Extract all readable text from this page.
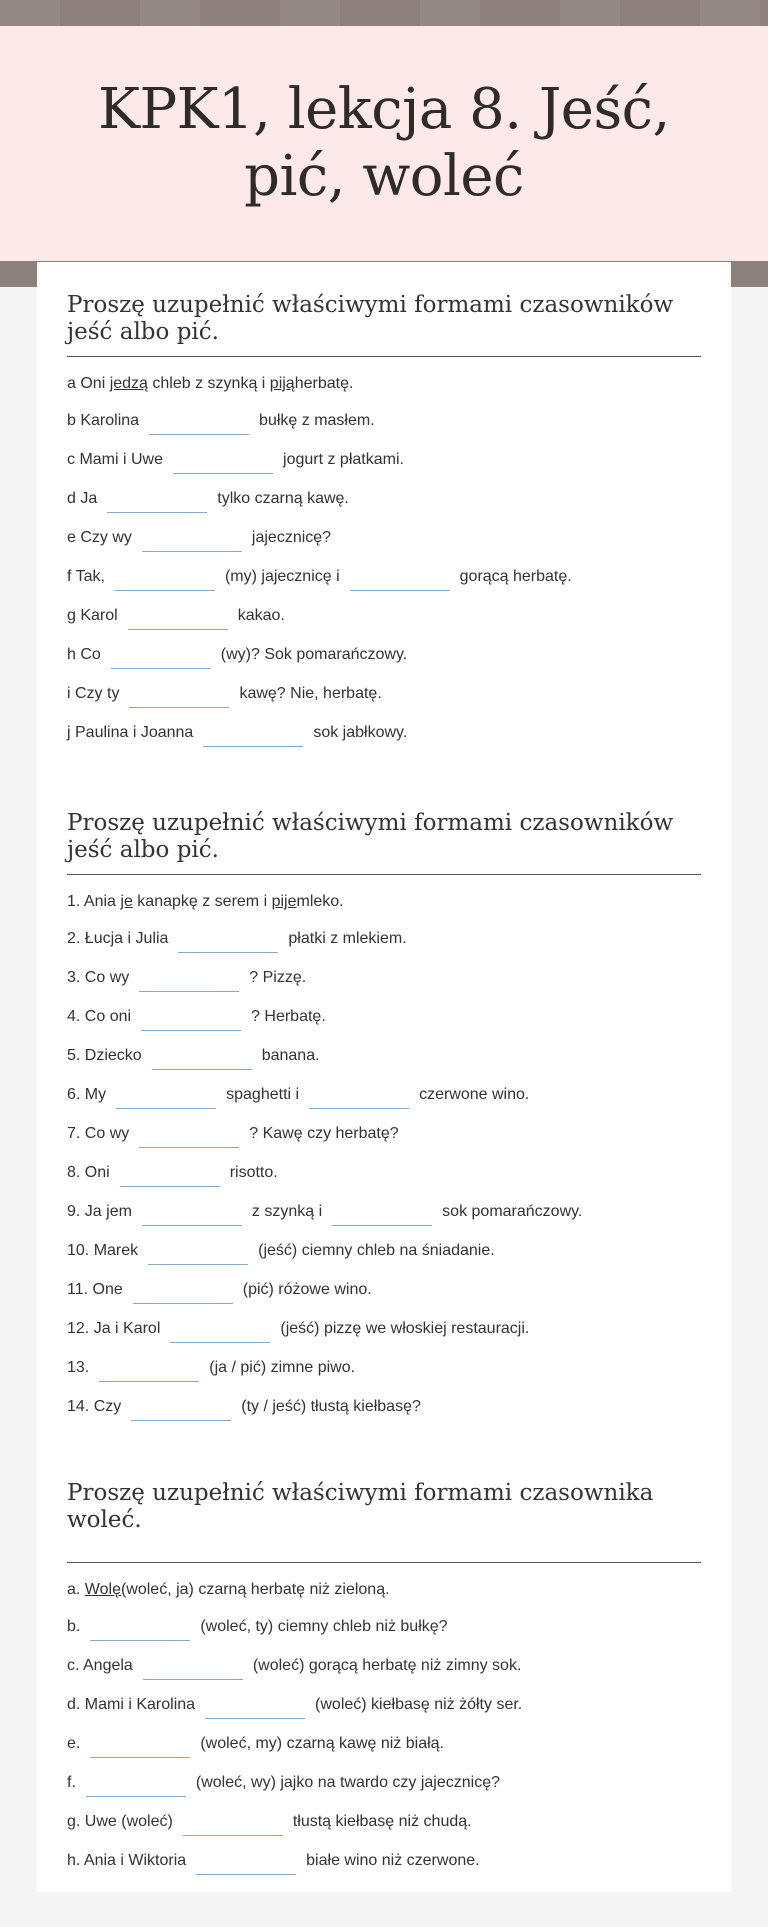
KPK1, lekcja 8. Jeść, pić, woleć
Proszę uzupełnić właściwymi formami czasowników jeść albo pić.
a Oni
jedzą
chleb z szynką i
piją herbatę.
b Karolina	bułkę z masłem.
c Mami i Uwe	jogurt z płatkami.
d Ja	tylko czarną kawę.
e Czy wy	jajecznicę?
f Tak,	(my) jajecznicę i	gorącą herbatę.
g Karol	kakao.
h Co	(wy)? Sok pomarańczowy.
i Czy ty	kawę? Nie, herbatę.
j Paulina i Joanna	sok jabłkowy.
Proszę uzupełnić właściwymi formami czasowników jeść albo pić.
1. Ania
je
kanapkę z serem i
pije mleko.
2. Łucja i Julia	płatki z mlekiem.
3. Co wy	? Pizzę.
4. Co oni	? Herbatę.
5. Dziecko	banana.
6. My	spaghetti i	czerwone wino.
7. Co wy	? Kawę czy herbatę?
8. Oni	risotto.
9. Ja jem	z szynką i	sok pomarańczowy.
10. Marek	(jeść) ciemny chleb na śniadanie.
11. One	(pić) różowe wino.
12. Ja i Karol	(jeść) pizzę we włoskiej restauracji.
13.	(ja / pić) zimne piwo.
14. Czy	(ty / jeść) tłustą kiełbasę?
Proszę uzupełnić właściwymi formami czasownika woleć.
a.
Wolę (woleć, ja) czarną herbatę niż zieloną.
b.	(woleć, ty) ciemny chleb niż bułkę?
c. Angela	(woleć) gorącą herbatę niż zimny sok.
d. Mami i Karolina	(woleć) kiełbasę niż żółty ser.
e.	(woleć, my) czarną kawę niż białą.
f.	(woleć, wy) jajko na twardo czy jajecznicę?
g. Uwe (woleć)	tłustą kiełbasę niż chudą.
h. Ania i Wiktoria	białe wino niż czerwone.
